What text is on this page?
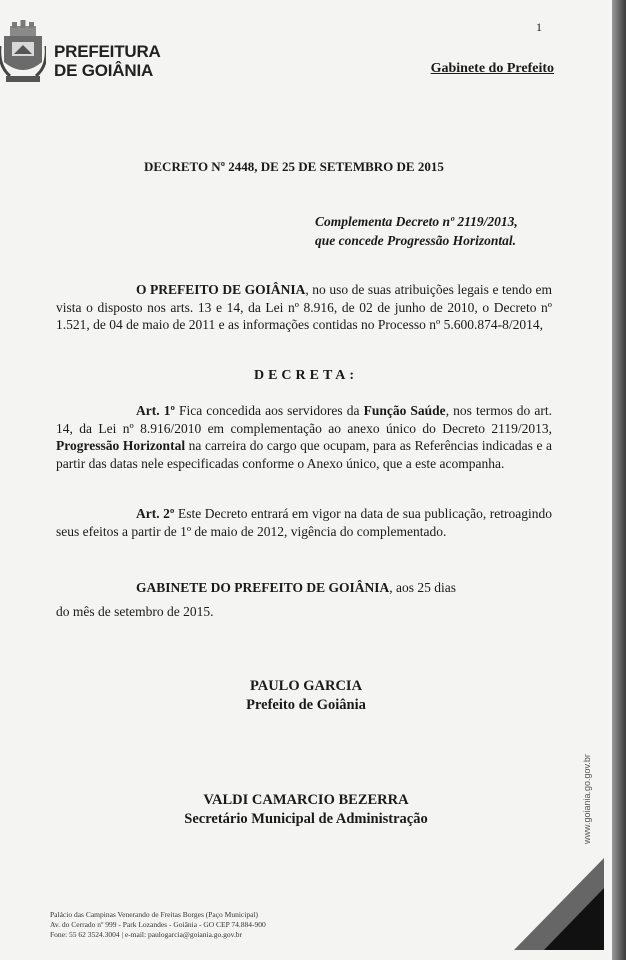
PREFEITURA
DE GOIÂNIA
1
Gabinete do Prefeito
DECRETO Nº 2448, DE 25 DE SETEMBRO DE 2015
Complementa Decreto nº 2119/2013,
que concede Progressão Horizontal.
O PREFEITO DE GOIÂNIA, no uso de suas atribuições legais e tendo em vista o disposto nos arts. 13 e 14, da Lei nº 8.916, de 02 de junho de 2010, o Decreto nº 1.521, de 04 de maio de 2011 e as informações contidas no Processo nº 5.600.874-8/2014,
DECRETA:
Art. 1º Fica concedida aos servidores da Função Saúde, nos termos do art. 14, da Lei nº 8.916/2010 em complementação ao anexo único do Decreto 2119/2013, Progressão Horizontal na carreira do cargo que ocupam, para as Referências indicadas e a partir das datas nele especificadas conforme o Anexo único, que a este acompanha.
Art. 2º Este Decreto entrará em vigor na data de sua publicação, retroagindo seus efeitos a partir de 1º de maio de 2012, vigência do complementado.
GABINETE DO PREFEITO DE GOIÂNIA, aos 25 dias
do mês de setembro de 2015.
PAULO GARCIA
Prefeito de Goiânia
VALDI CAMARCIO BEZERRA
Secretário Municipal de Administração	www.goiania.go.gov.br
Palácio das Campinas Venerando de Freitas Borges (Paço Municipal)
Av. do Cerrado nº 999 - Park Lozandes - Goiânia - GO CEP 74.884-900
Fone: 55 62 3524.3004 | e-mail: paulogarcia@goiania.go.gov.br
